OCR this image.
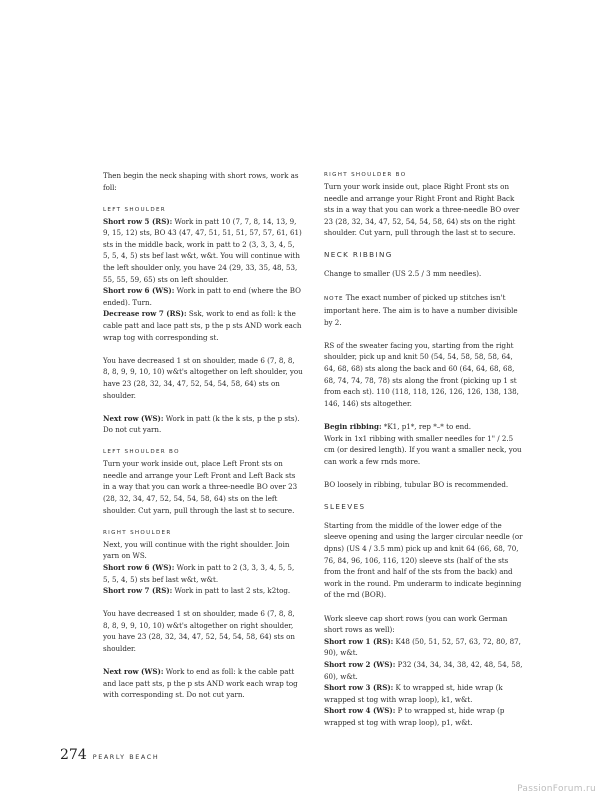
Then begin the neck shaping with short rows, work as foll:

LEFT SHOULDER

Short row 5 (RS): Work in patt 10 (7, 7, 8, 14, 13, 9, 9, 15, 12) sts, BO 43 (47, 47, 51, 51, 51, 57, 57, 61, 61) sts in the middle back, work in patt to 2 (3, 3, 3, 4, 5, 5, 5, 4, 5) sts bef last w&t, w&t. You will continue with the left shoulder only, you have 24 (29, 33, 35, 48, 53, 55, 55, 59, 65) sts on left shoulder.
Short row 6 (WS): Work in patt to end (where the BO ended). Turn.
Decrease row 7 (RS): Ssk, work to end as foll: k the cable patt and lace patt sts, p the p sts AND work each wrap tog with corresponding st.

You have decreased 1 st on shoulder, made 6 (7, 8, 8, 8, 8, 9, 9, 10, 10) w&t's altogether on left shoulder, you have 23 (28, 32, 34, 47, 52, 54, 54, 58, 64) sts on shoulder.

Next row (WS): Work in patt (k the k sts, p the p sts). Do not cut yarn.

LEFT SHOULDER BO

Turn your work inside out, place Left Front sts on needle and arrange your Left Front and Left Back sts in a way that you can work a three-needle BO over 23 (28, 32, 34, 47, 52, 54, 54, 58, 64) sts on the left shoulder. Cut yarn, pull through the last st to secure.

RIGHT SHOULDER

Next, you will continue with the right shoulder. Join yarn on WS.
Short row 6 (WS): Work in patt to 2 (3, 3, 3, 4, 5, 5, 5, 5, 4, 5) sts bef last w&t, w&t.
Short row 7 (RS): Work in patt to last 2 sts, k2tog.

You have decreased 1 st on shoulder, made 6 (7, 8, 8, 8, 8, 9, 9, 10, 10) w&t's altogether on right shoulder, you have 23 (28, 32, 34, 47, 52, 54, 54, 58, 64) sts on shoulder.

Next row (WS): Work to end as foll: k the cable patt and lace patt sts, p the p sts AND work each wrap tog with corresponding st. Do not cut yarn.

RIGHT SHOULDER BO

Turn your work inside out, place Right Front sts on needle and arrange your Right Front and Right Back sts in a way that you can work a three-needle BO over 23 (28, 32, 34, 47, 52, 54, 54, 58, 64) sts on the right shoulder. Cut yarn, pull through the last st to secure.

NECK RIBBING

Change to smaller (US 2.5 / 3 mm needles).

NOTE The exact number of picked up stitches isn't important here. The aim is to have a number divisible by 2.

RS of the sweater facing you, starting from the right shoulder, pick up and knit 50 (54, 54, 58, 58, 58, 64, 64, 68, 68) sts along the back and 60 (64, 64, 68, 68, 68, 74, 74, 78, 78) sts along the front (picking up 1 st from each st). 110 (118, 118, 126, 126, 126, 138, 138, 146, 146) sts altogether.

Begin ribbing: *K1, p1*, rep *–* to end.
Work in 1x1 ribbing with smaller needles for 1" / 2.5 cm (or desired length). If you want a smaller neck, you can work a few rnds more.

BO loosely in ribbing, tubular BO is recommended.

SLEEVES

Starting from the middle of the lower edge of the sleeve opening and using the larger circular needle (or dpns) (US 4 / 3.5 mm) pick up and knit 64 (66, 68, 70, 76, 84, 96, 106, 116, 120) sleeve sts (half of the sts from the front and half of the sts from the back) and work in the round. Pm underarm to indicate beginning of the rnd (BOR).

Work sleeve cap short rows (you can work German short rows as well):
Short row 1 (RS): K48 (50, 51, 52, 57, 63, 72, 80, 87, 90), w&t.
Short row 2 (WS): P32 (34, 34, 34, 38, 42, 48, 54, 58, 60), w&t.
Short row 3 (RS): K to wrapped st, hide wrap (k wrapped st tog with wrap loop), k1, w&t.
Short row 4 (WS): P to wrapped st, hide wrap (p wrapped st tog with wrap loop), p1, w&t.

274 PEARLY BEACH
PassionForum.ru
